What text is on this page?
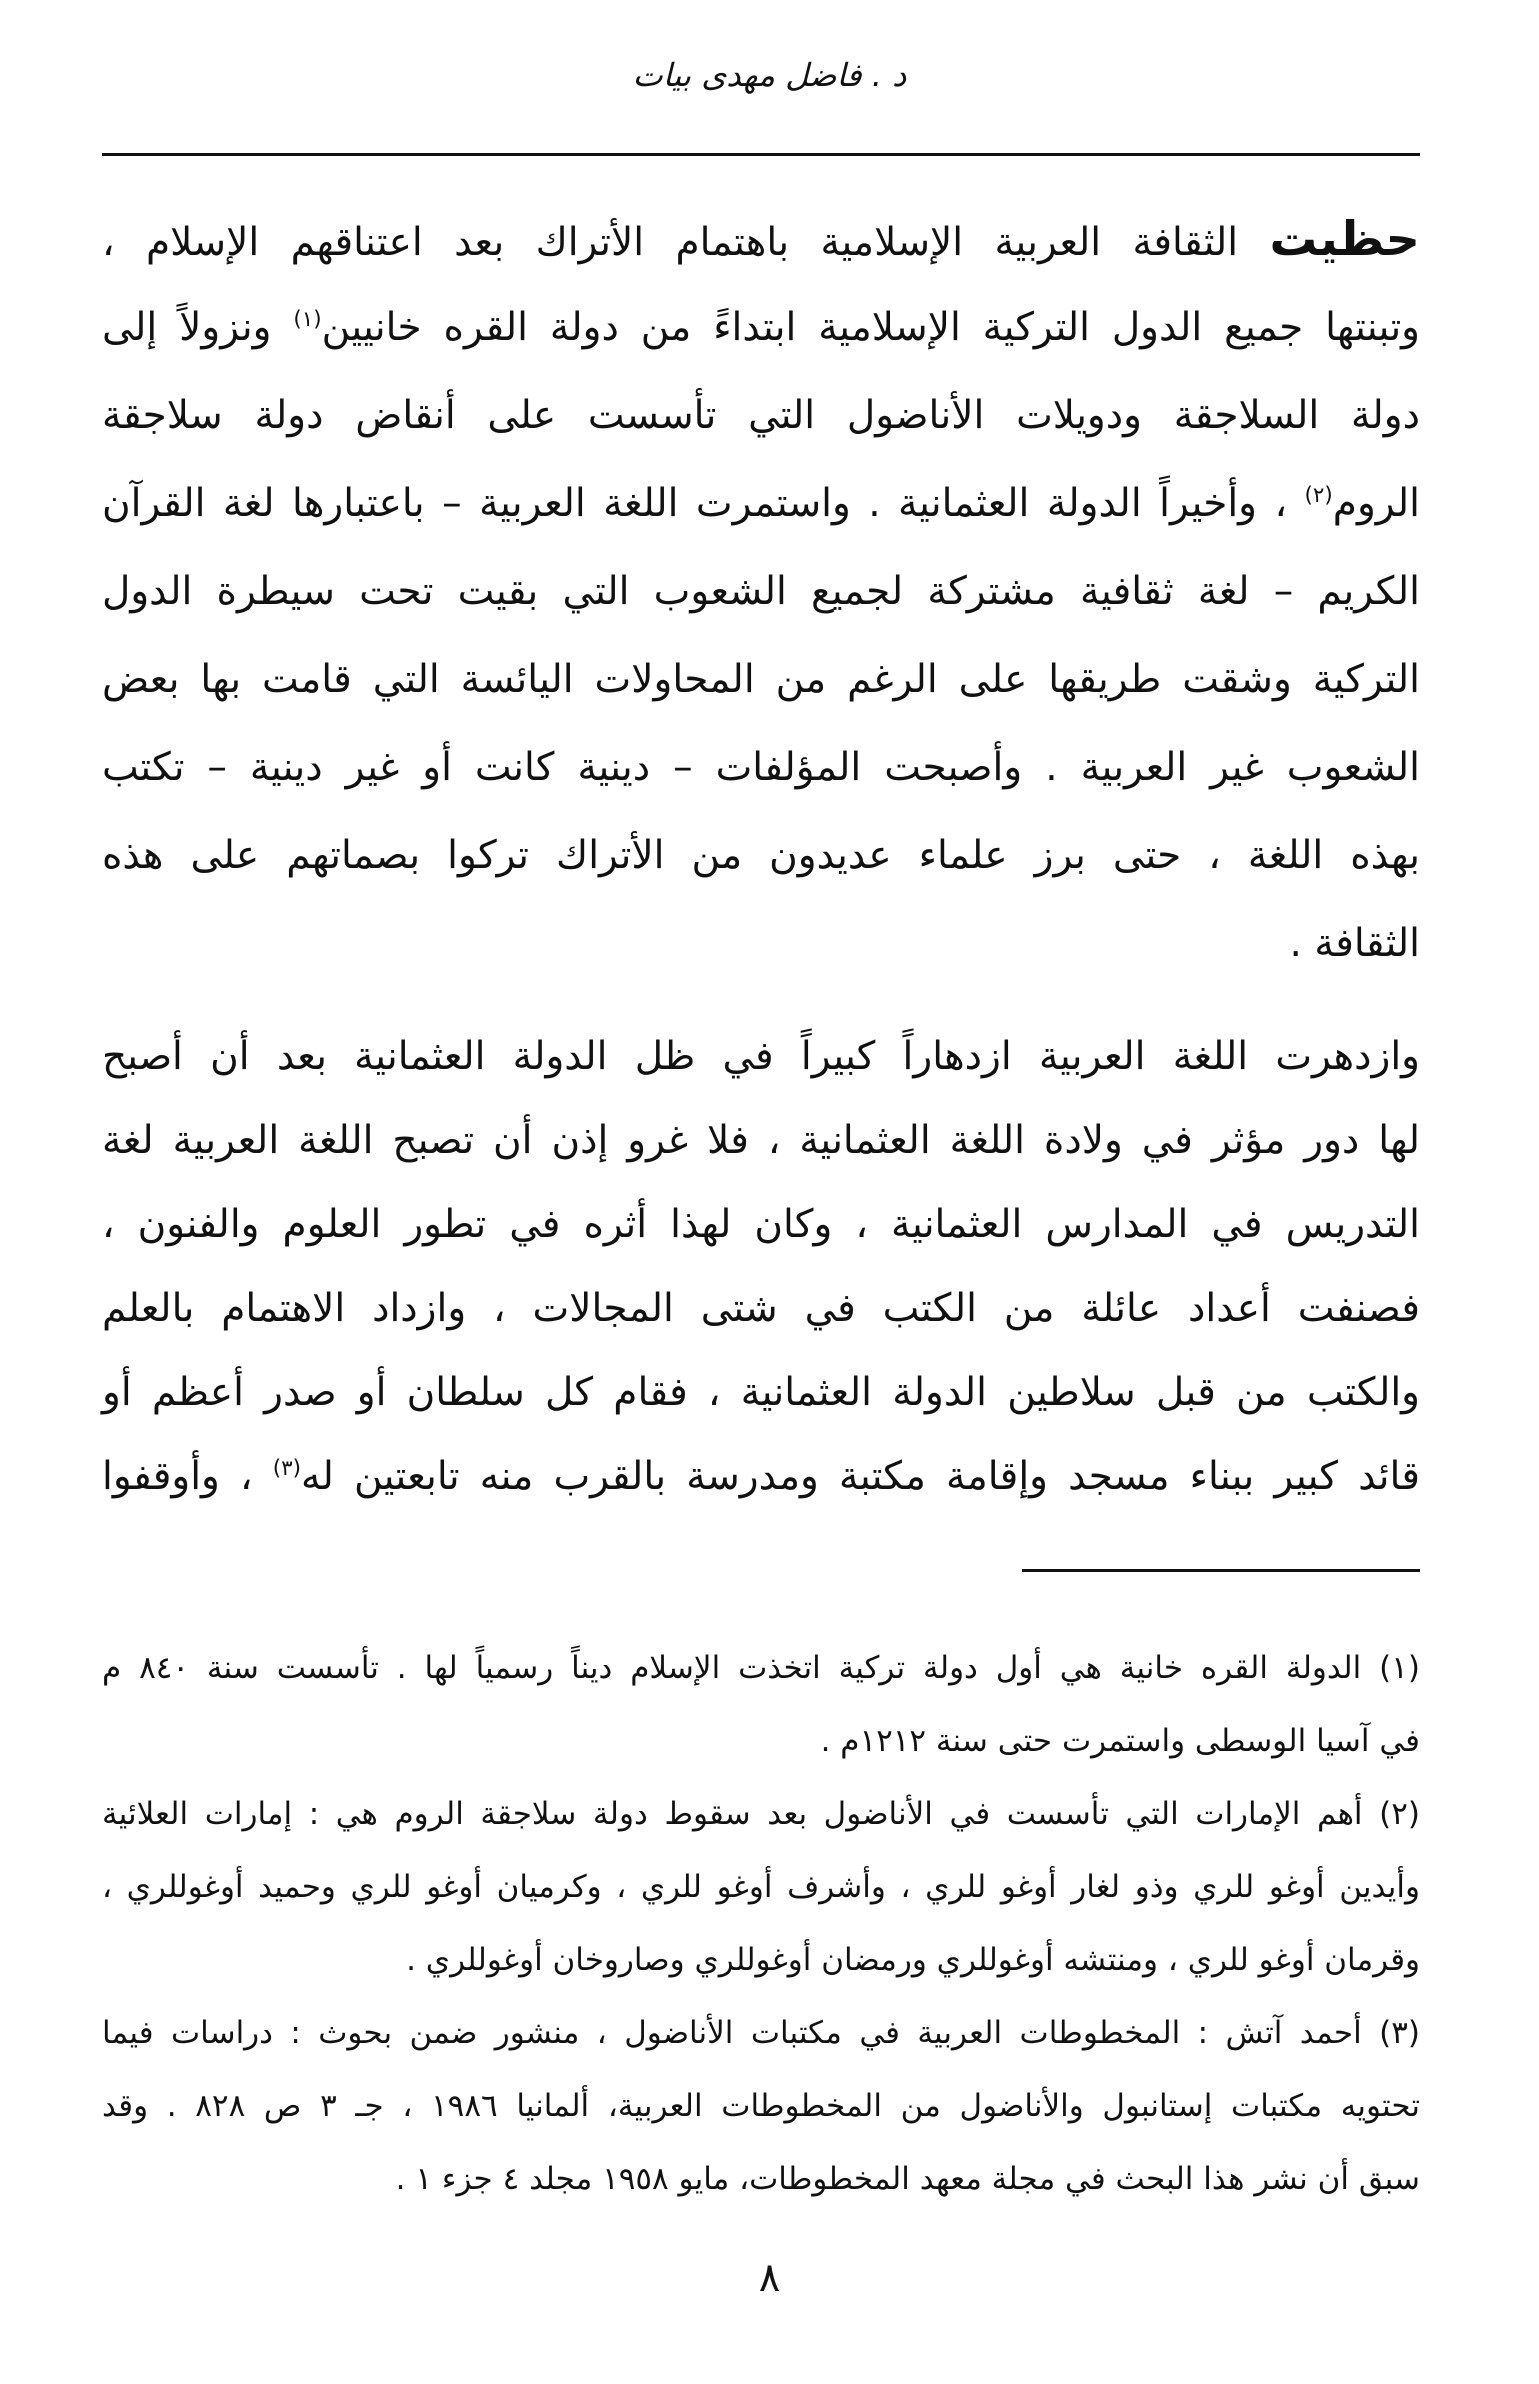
د . فاضل مهدى بيات
حظيت الثقافة العربية الإسلامية باهتمام الأتراك بعد اعتناقهم الإسلام ،
وتبنتها جميع الدول التركية الإسلامية ابتداءً من دولة القره خانيين$^{(١)}$ ونزولاً إلى
دولة السلاجقة ودويلات الأناضول التي تأسست على أنقاض دولة سلاجقة
الروم$^{(٢)}$ ، وأخيراً الدولة العثمانية . واستمرت اللغة العربية – باعتبارها لغة القرآن
الكريم – لغة ثقافية مشتركة لجميع الشعوب التي بقيت تحت سيطرة الدول
التركية وشقت طريقها على الرغم من المحاولات اليائسة التي قامت بها بعض
الشعوب غير العربية . وأصبحت المؤلفات – دينية كانت أو غير دينية – تكتب
بهذه اللغة ، حتى برز علماء عديدون من الأتراك تركوا بصماتهم على هذه
الثقافة .
وازدهرت اللغة العربية ازدهاراً كبيراً في ظل الدولة العثمانية بعد أن أصبح
لها دور مؤثر في ولادة اللغة العثمانية ، فلا غرو إذن أن تصبح اللغة العربية لغة
التدريس في المدارس العثمانية ، وكان لهذا أثره في تطور العلوم والفنون ،
فصنفت أعداد عائلة من الكتب في شتى المجالات ، وازداد الاهتمام بالعلم
والكتب من قبل سلاطين الدولة العثمانية ، فقام كل سلطان أو صدر أعظم أو
قائد كبير ببناء مسجد وإقامة مكتبة ومدرسة بالقرب منه تابعتين له$^{(٣)}$ ، وأوقفوا
(١) الدولة القره خانية هي أول دولة تركية اتخذت الإسلام ديناً رسمياً لها . تأسست سنة ٨٤٠ م
في آسيا الوسطى واستمرت حتى سنة ١٢١٢م .
(٢) أهم الإمارات التي تأسست في الأناضول بعد سقوط دولة سلاجقة الروم هي : إمارات العلائية
وأيدين أوغو للري وذو لغار أوغو للري ، وأشرف أوغو للري ، وكرميان أوغو للري وحميد أوغوللري ،
وقرمان أوغو للري ، ومنتشه أوغوللري ورمضان أوغوللري وصاروخان أوغوللري .
(٣) أحمد آتش : المخطوطات العربية في مكتبات الأناضول ، منشور ضمن بحوث : دراسات فيما
تحتويه مكتبات إستانبول والأناضول من المخطوطات العربية، ألمانيا ١٩٨٦ ، جـ ٣ ص ٨٢٨ . وقد
سبق أن نشر هذا البحث في مجلة معهد المخطوطات، مايو ١٩٥٨ مجلد ٤ جزء ١ .
٨
